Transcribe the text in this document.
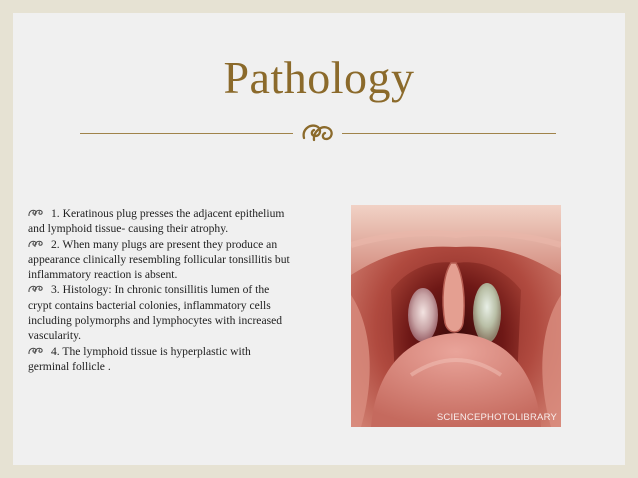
Pathology

1. Keratinous plug presses the adjacent epithelium and lymphoid tissue- causing their atrophy.

2. When many plugs are present they produce an appearance clinically resembling follicular tonsillitis but inflammatory reaction is absent.

3. Histology: In chronic tonsillitis lumen of the crypt contains bacterial colonies, inflammatory cells including polymorphs and lymphocytes with increased vascularity.

4. The lymphoid tissue is hyperplastic with germinal follicle .

SCIENCEPHOTOLIBRARY
